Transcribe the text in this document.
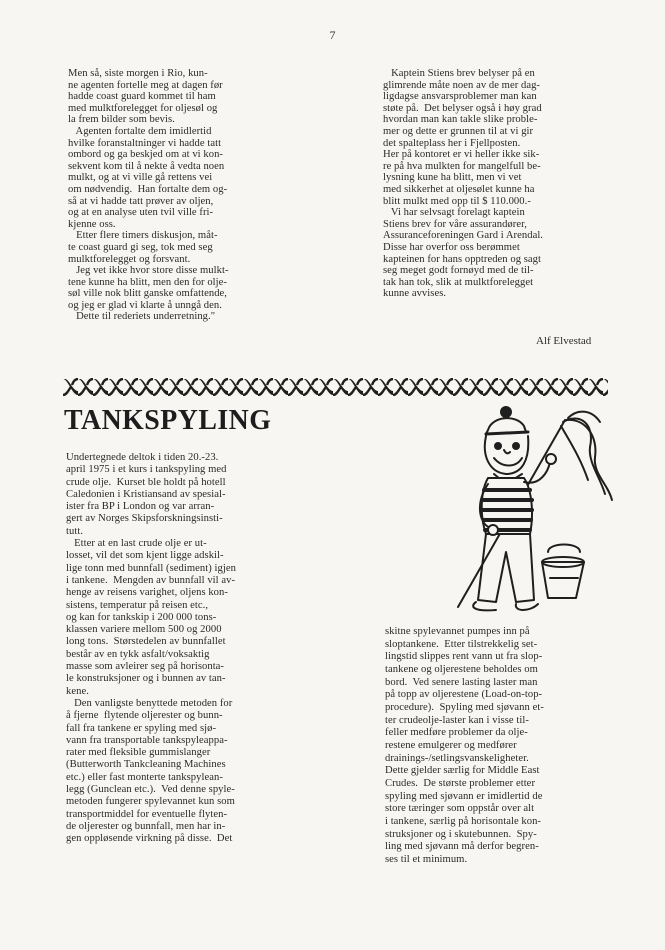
7
Men så, siste morgen i Rio, kun-
ne agenten fortelle meg at dagen før
hadde coast guard kommet til ham
med mulktforelegget for oljesøl og
la frem bilder som bevis.
Agenten fortalte dem imidlertid
hvilke foranstaltninger vi hadde tatt
ombord og ga beskjed om at vi kon-
sekvent kom til å nekte å vedta noen
mulkt, og at vi ville gå rettens vei
om nødvendig.  Han fortalte dem og-
så at vi hadde tatt prøver av oljen,
og at en analyse uten tvil ville fri-
kjenne oss.
Etter flere timers diskusjon, måt-
te coast guard gi seg, tok med seg
mulktforelegget og forsvant.
Jeg vet ikke hvor store disse mulkt-
tene kunne ha blitt, men den for olje-
søl ville nok blitt ganske omfattende,
og jeg er glad vi klarte å unngå den.
Dette til rederiets underretning."
Kaptein Stiens brev belyser på en
glimrende måte noen av de mer dag-
ligdagse ansvarsproblemer man kan
støte på.  Det belyser også i høy grad
hvordan man kan takle slike proble-
mer og dette er grunnen til at vi gir
det spalteplass her i Fjellposten.
Her på kontoret er vi heller ikke sik-
re på hva mulkten for mangelfull be-
lysning kune ha blitt, men vi vet
med sikkerhet at oljesølet kunne ha
blitt mulkt med opp til $ 110.000.-
Vi har selvsagt forelagt kaptein
Stiens brev for våre assurandører,
Assuranceforeningen Gard i Arendal.
Disse har overfor oss berømmet
kapteinen for hans opptreden og sagt
seg meget godt fornøyd med de til-
tak han tok, slik at mulktforelegget
kunne avvises.
Alf Elvestad
TANKSPYLING
Undertegnede deltok i tiden 20.-23.
april 1975 i et kurs i tankspyling med
crude olje.  Kurset ble holdt på hotell
Caledonien i Kristiansand av spesial-
ister fra BP i London og var arran-
gert av Norges Skipsforskningsinsti-
tutt.
Etter at en last crude olje er ut-
losset, vil det som kjent ligge adskil-
lige tonn med bunnfall (sediment) igjen
i tankene.  Mengden av bunnfall vil av-
henge av reisens varighet, oljens kon-
sistens, temperatur på reisen etc.,
og kan for tankskip i 200 000 tons-
klassen variere mellom 500 og 2000
long tons.  Størstedelen av bunnfallet
består av en tykk asfalt/voksaktig
masse som avleirer seg på horisonta-
le konstruksjoner og i bunnen av tan-
kene.
Den vanligste benyttede metoden for
å fjerne  flytende oljerester og bunn-
fall fra tankene er spyling med sjø-
vann fra transportable tankspyleappa-
rater med fleksible gummislanger
(Butterworth Tankcleaning Machines
etc.) eller fast monterte tankspylean-
legg (Gunclean etc.).  Ved denne spyle-
metoden fungerer spylevannet kun som
transportmiddel for eventuelle flyten-
de oljerester og bunnfall, men har in-
gen oppløsende virkning på disse.  Det
skitne spylevannet pumpes inn på
sloptankene.  Etter tilstrekkelig set-
lingstid slippes rent vann ut fra slop-
tankene og oljerestene beholdes om
bord.  Ved senere lasting laster man
på topp av oljerestene (Load-on-top-
procedure).  Spyling med sjøvann et-
ter crudeolje-laster kan i visse til-
feller medføre problemer da olje-
restene emulgerer og medfører
drainings-/setlingsvanskeligheter.
Dette gjelder særlig for Middle East
Crudes.  De største problemer etter
spyling med sjøvann er imidlertid de
store tæringer som oppstår over alt
i tankene, særlig på horisontale kon-
struksjoner og i skutebunnen.  Spy-
ling med sjøvann må derfor begren-
ses til et minimum.
